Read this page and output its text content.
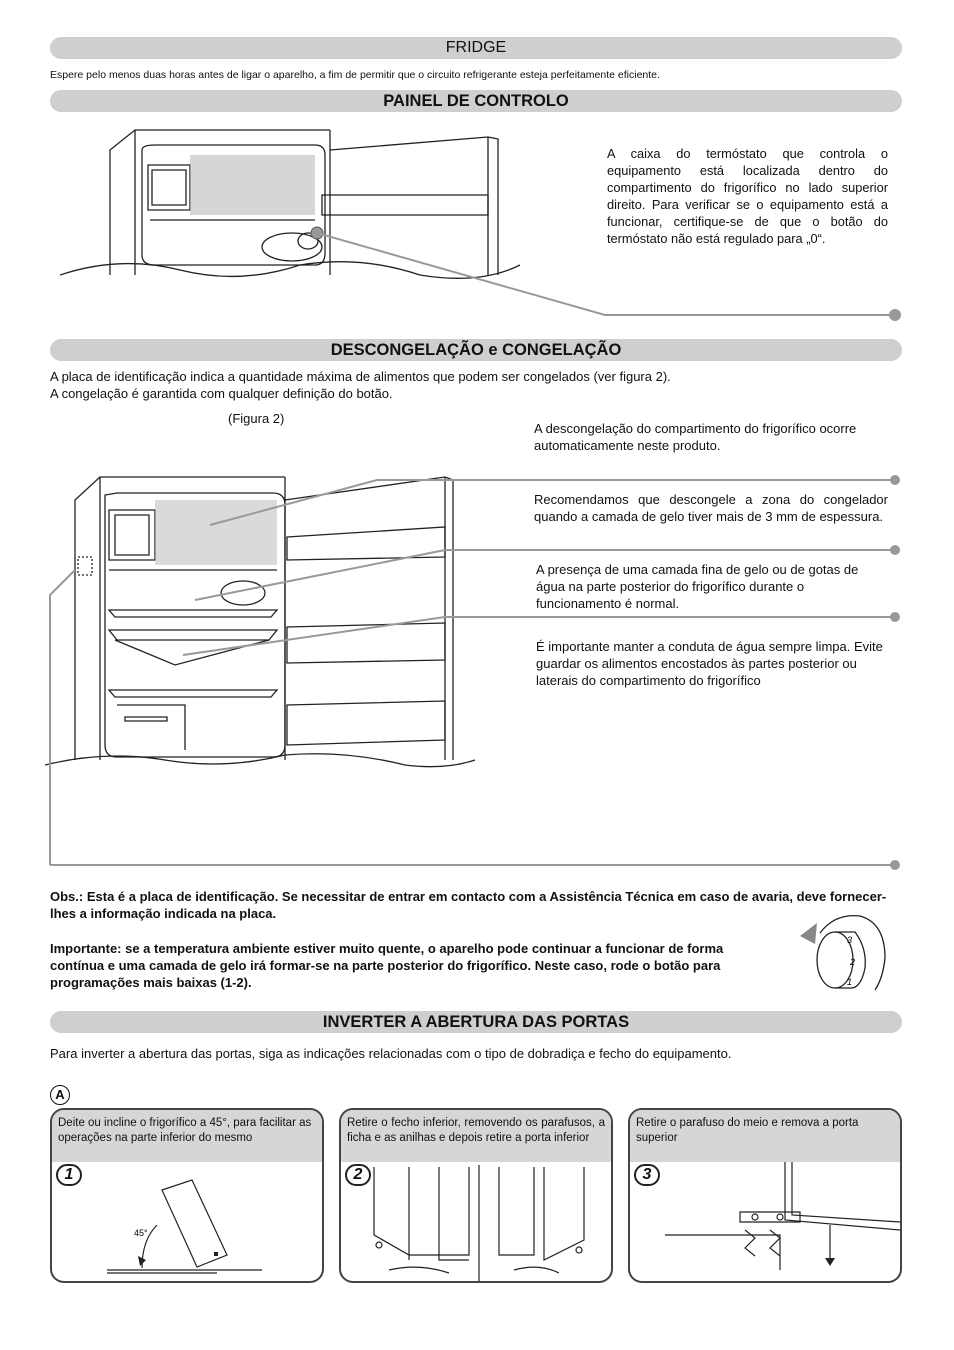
FRIDGE
Espere pelo menos duas horas antes de ligar o aparelho, a fim de permitir que o circuito refrigerante esteja perfeitamente eficiente.
PAINEL DE CONTROLO
A caixa do termóstato que controla o equipamento está localizada dentro do compartimento do frigorífico no lado superior direito. Para verificar se o equipamento está a funcionar, certifique-se de que o botão do termóstato não está regulado para „0“.
DESCONGELAÇÃO e CONGELAÇÃO
A placa de identificação indica a quantidade máxima de alimentos que podem ser congelados (ver figura 2).
A congelação é garantida com qualquer definição do botão.
(Figura 2)
A descongelação do compartimento do frigorífico ocorre automaticamente neste produto.
Recomendamos que descongele a zona do congelador quando a camada de gelo tiver mais de 3 mm de espessura.
A presença de uma camada fina de gelo ou de gotas de água na parte posterior do frigorífico durante o funcionamento é normal.
É importante manter a conduta de água sempre limpa. Evite guardar os alimentos encostados às partes posterior ou laterais do compartimento do frigorífico
Obs.: Esta é a placa de identificação. Se necessitar de entrar em contacto com a Assistência Técnica em caso de avaria, deve fornecer-lhes a informação indicada na placa.
Importante: se a temperatura ambiente estiver muito quente, o aparelho pode continuar a funcionar de forma contínua e uma camada de gelo irá formar-se na parte posterior do frigorífico. Neste caso, rode o botão para programações mais baixas (1-2).
3
2
1
INVERTER A ABERTURA DAS PORTAS
Para inverter a abertura das portas, siga as indicações relacionadas com o tipo de dobradiça e fecho do equipamento.
A
Deite ou incline o frigorífico a 45°, para facilitar as operações na parte inferior do mesmo
1
45°
Retire o fecho inferior, removendo os parafusos, a ficha e as anilhas e depois retire a porta inferior
2
Retire o parafuso do meio e remova a porta superior
3
